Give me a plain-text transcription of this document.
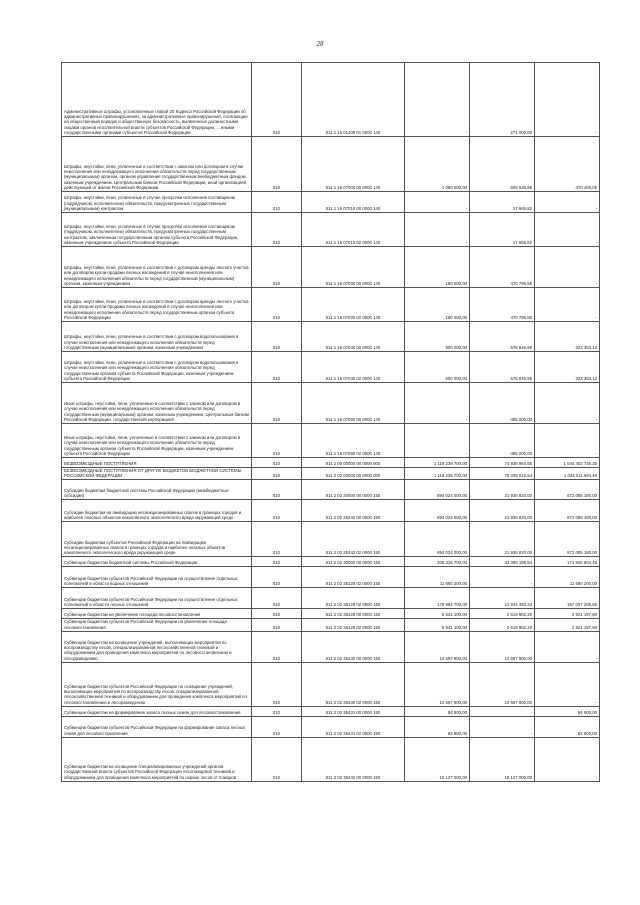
28
Административные штрафы, установленные главой 20 Кодекса Российской Федерации об административных правонарушениях, за административные правонарушения, посягающие на общественный порядок и общественную безопасность, выявленные должностными лицами органов исполнительной власти субъектов Российской Федерации, ... иными государственными органами субъектов Российской Федерации	010	811 1 16 01205 01 0000 140	-	271 000,00	-
Штрафы, неустойки, пени, уплаченные в соответствии с законом или договором в случае неисполнения или ненадлежащего исполнения обязательств перед государственным (муниципальным) органом, органом управления государственным внебюджетным фондом, казенным учреждением, Центральным банком Российской Федерации, иной организацией, действующей от имени Российской Федерации	010	811 1 16 07000 00 0000 140	1 080 000,00	609 530,95	470 469,05
Штрафы, неустойки, пени, уплаченные в случае просрочки исполнения поставщиком (подрядчиком, исполнителем) обязательств, предусмотренных государственным (муниципальным) контрактом	010	811 1 16 07010 00 0000 140	-	17 665,82	-
Штрафы, неустойки, пени, уплаченные в случае просрочки исполнения поставщиком (подрядчиком, исполнителем) обязательств, предусмотренных государственным контрактом, заключенным государственным органом субъекта Российской Федерации, казенным учреждением субъекта Российской Федерации	010	811 1 16 07010 02 0000 140	-	17 665,82	-
Штрафы, неустойки, пени, уплаченные в соответствии с договором аренды лесного участка или договором купли-продажи лесных насаждений в случае неисполнения или ненадлежащего исполнения обязательств перед государственным (муниципальным) органом, казенным учреждением	010	811 1 16 07030 00 0000 140	180 000,00	470 796,55	-
Штрафы, неустойки, пени, уплаченные в соответствии с договором аренды лесного участка или договором купли-продажи лесных насаждений в случае неисполнения или ненадлежащего исполнения обязательств перед государственным органом субъекта Российской Федерации	010	811 1 16 07030 02 0000 140	180 000,00	470 796,55	-
Штрафы, неустойки, пени, уплаченные в соответствии с договором водопользования в случае неисполнения или ненадлежащего исполнения обязательств перед государственным (муниципальным) органом, казенным учреждением	010	811 1 16 07040 00 0000 140	900 000,00	576 646,88	323 353,12
Штрафы, неустойки, пени, уплаченные в соответствии с договором водопользования в случае неисполнения или ненадлежащего исполнения обязательств перед государственным органом субъекта Российской Федерации, казенным учреждением субъекта Российской Федерации	010	811 1 16 07040 02 0000 140	900 000,00	576 646,88	323 353,12
Иные штрафы, неустойки, пени, уплаченные в соответствии с законом или договором в случае неисполнения или ненадлежащего исполнения обязательств перед государственным (муниципальным) органом, казенным учреждением, Центральным банком Российской Федерации, государственной корпорацией	010	811 1 16 07090 00 0000 140	-	-455 000,00	-
Иные штрафы, неустойки, пени, уплаченные в соответствии с законом или договором в случае неисполнения или ненадлежащего исполнения обязательств перед государственным органом субъекта Российской Федерации, казенным учреждением субъекта Российской Федерации	010	811 1 16 07090 02 0000 140	-	-455 000,00	-
БЕЗВОЗМЕЗДНЫЕ ПОСТУПЛЕНИЯ	010	811 2 00 00000 00 0000 000	1 119 239 700,00	74 836 964,65	1 044 402 735,35
БЕЗВОЗМЕЗДНЫЕ ПОСТУПЛЕНИЯ ОТ ДРУГИХ БЮДЖЕТОВ БЮДЖЕТНОЙ СИСТЕМЫ РОССИЙСКОЙ ФЕДЕРАЦИИ	010	811 2 02 00000 00 0000 000	1 119 239 700,00	75 338 015,54	1 044 011 684,46
Субсидии бюджетам бюджетной системы Российской Федерации (межбюджетные субсидии)	010	811 2 02 20000 00 0000 150	894 024 000,00	21 938 820,00	872 085 180,00
Субсидии бюджетам на ликвидацию несанкционированных свалок в границах городов и наиболее опасных объектов накопленного экологического вреда окружающей среде	010	811 2 02 25242 00 0000 150	894 024 000,00	21 938 820,00	872 085 180,00
Субсидии бюджетам субъектов Российской Федерации на ликвидацию несанкционированных свалок в границах городов и наиболее опасных объектов накопленного экологического вреда окружающей среде	010	811 2 02 25242 02 0000 150	894 024 000,00	21 938 820,00	872 085 180,00
Субвенции бюджетам бюджетной системы Российской Федерации	010	811 2 02 30000 00 0000 150	205 315 700,00	33 389 195,54	171 926 504,46
Субвенции бюджетам субъектов Российской Федерации на осуществление отдельных полномочий в области водных отношений	010	811 2 02 35128 02 0000 150	11 690 200,00	-	11 690 200,00
Субвенции бюджетам субъектов Российской Федерации на осуществление отдельных полномочий в области лесных отношений	010	811 2 02 35129 02 0000 150	178 884 700,00	21 944 493,34	157 007 206,66
Субвенции бюджетам на увеличение площади лесовосстановления	010	811 2 02 35429 00 0000 150	5 541 100,00	2 619 902,20	2 921 197,80
Субвенции бюджетам субъектов Российской Федерации на увеличение площади лесовосстановления	010	811 2 02 35429 02 0000 150	5 541 100,00	2 619 902,20	2 921 197,80
Субвенции бюджетам на оснащение учреждений, выполняющих мероприятия по воспроизводству лесов, специализированной лесохозяйственной техникой и оборудованием для проведения комплекса мероприятий по лесовосстановлению и лесоразведению	010	811 2 02 35430 00 0000 150	10 697 800,00	10 697 800,00	-
Субвенции бюджетам субъектов Российской Федерации на оснащение учреждений, выполняющих мероприятия по воспроизводству лесов, специализированной лесохозяйственной техникой и оборудованием для проведения комплекса мероприятий по лесовосстановлению и лесоразведению	010	811 2 02 35430 02 0000 150	10 697 800,00	10 697 800,00	-
Субвенции бюджетам на формирование запаса лесных семян для лесовосстановления	010	811 2 02 35431 00 0000 150	84 900,00	-	84 900,00
Субвенции бюджетам субъектов Российской Федерации на формирование запаса лесных семян для лесовосстановления	010	811 2 02 35431 02 0000 150	84 900,00	-	84 900,00
Субвенции бюджетам на оснащение специализированных учреждений органов государственной власти субъектов Российской Федерации лесопожарной техникой и оборудованием для проведения комплекса мероприятий по охране лесов от пожаров	010	811 2 02 35432 00 0000 150	15 127 000,00	18 127 000,00	-
